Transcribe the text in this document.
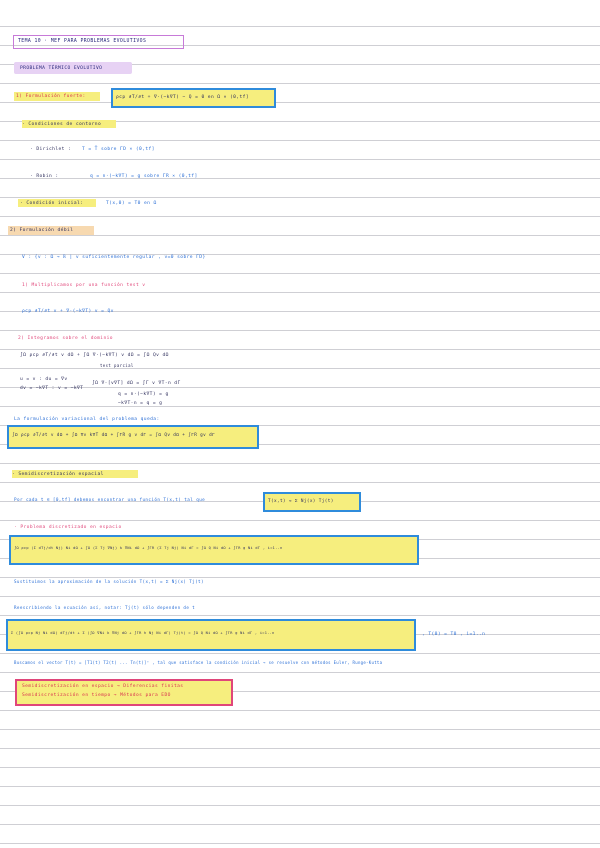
TEMA 10 · MEF PARA PROBLEMAS EVOLUTIVOS
PROBLEMA TÉRMICO EVOLUTIVO
1) Formulación fuerte:	ρcp ∂T/∂t + ∇·(−k∇T) − Q = 0 en Ω × (0,tf]
· Condiciones de contorno
· Dirichlet : T = T̄ sobre ΓD × (0,tf]
· Robin :	q = n·(−k∇T) = g sobre ΓR × (0,tf]
· Condición inicial:	T(x,0) = T0 en Ω
2) Formulación débil
V : {v : Ω → ℝ | v suficientemente regular , v=0 sobre ΓD}
1) Multiplicamos por una función test v
ρcp ∂T/∂t v + ∇·(−k∇T) v = Qv
2) Integramos sobre el dominio
∫Ω ρcp ∂T/∂t v dΩ + ∫Ω ∇·(−k∇T) v dΩ = ∫Ω Qv dΩ
test parcial
u = v : du = ∇v
dv = −k∇T : v = −k∇T
∫Ω ∇·[v∇T] dΩ = ∫Γ v ∇T·n dΓ
q = n·(−k∇T) = g
−k∇T·n = q = g
La formulación variacional del problema queda:
∫Ω ρcp ∂T/∂t v dΩ + ∫Ω ∇v k∇T dΩ + ∫ΓR g v dΓ = ∫Ω Qv dΩ + ∫ΓR gv dΓ
· Semidiscretización espacial
Por cada t ∈ [0,tf] debemos encontrar una función T(x,t) tal que	T(x,t) ≈ Σ Nj(x) Tj(t)
· Problema discretizado en espacio
∫Ω ρcp (Σ dTj/dt Nj) Ni dΩ + ∫Ω (Σ Tj ∇Nj) k ∇Ni dΩ + ∫ΓR (Σ Tj Nj) Ni dΓ = ∫Ω Q Ni dΩ + ∫ΓR g Ni dΓ , i=1..n
Sustituimos la aproximación de la solución T(x,t) = Σ Nj(x) Tj(t)
Reescribiendo la ecuación así, notar: Tj(t) sólo dependen de t
Σ (∫Ω ρcp Nj Ni dΩ) dTj/dt + Σ (∫Ω ∇Ni k ∇Nj dΩ + ∫ΓR h Nj Ni dΓ) Tj(t) = ∫Ω Q Ni dΩ + ∫ΓR g Ni dΓ , i=1..n	, T(0) = T0 , i=1..n
Buscamos el vector T(t) = [T1(t) T2(t) ... Tn(t)]ᵀ , tal que satisface la condición inicial → se resuelve con métodos Euler, Runge-Kutta
Semidiscretización en espacio → Diferencias finitas
Semidiscretización en tiempo → Métodos para EDO
